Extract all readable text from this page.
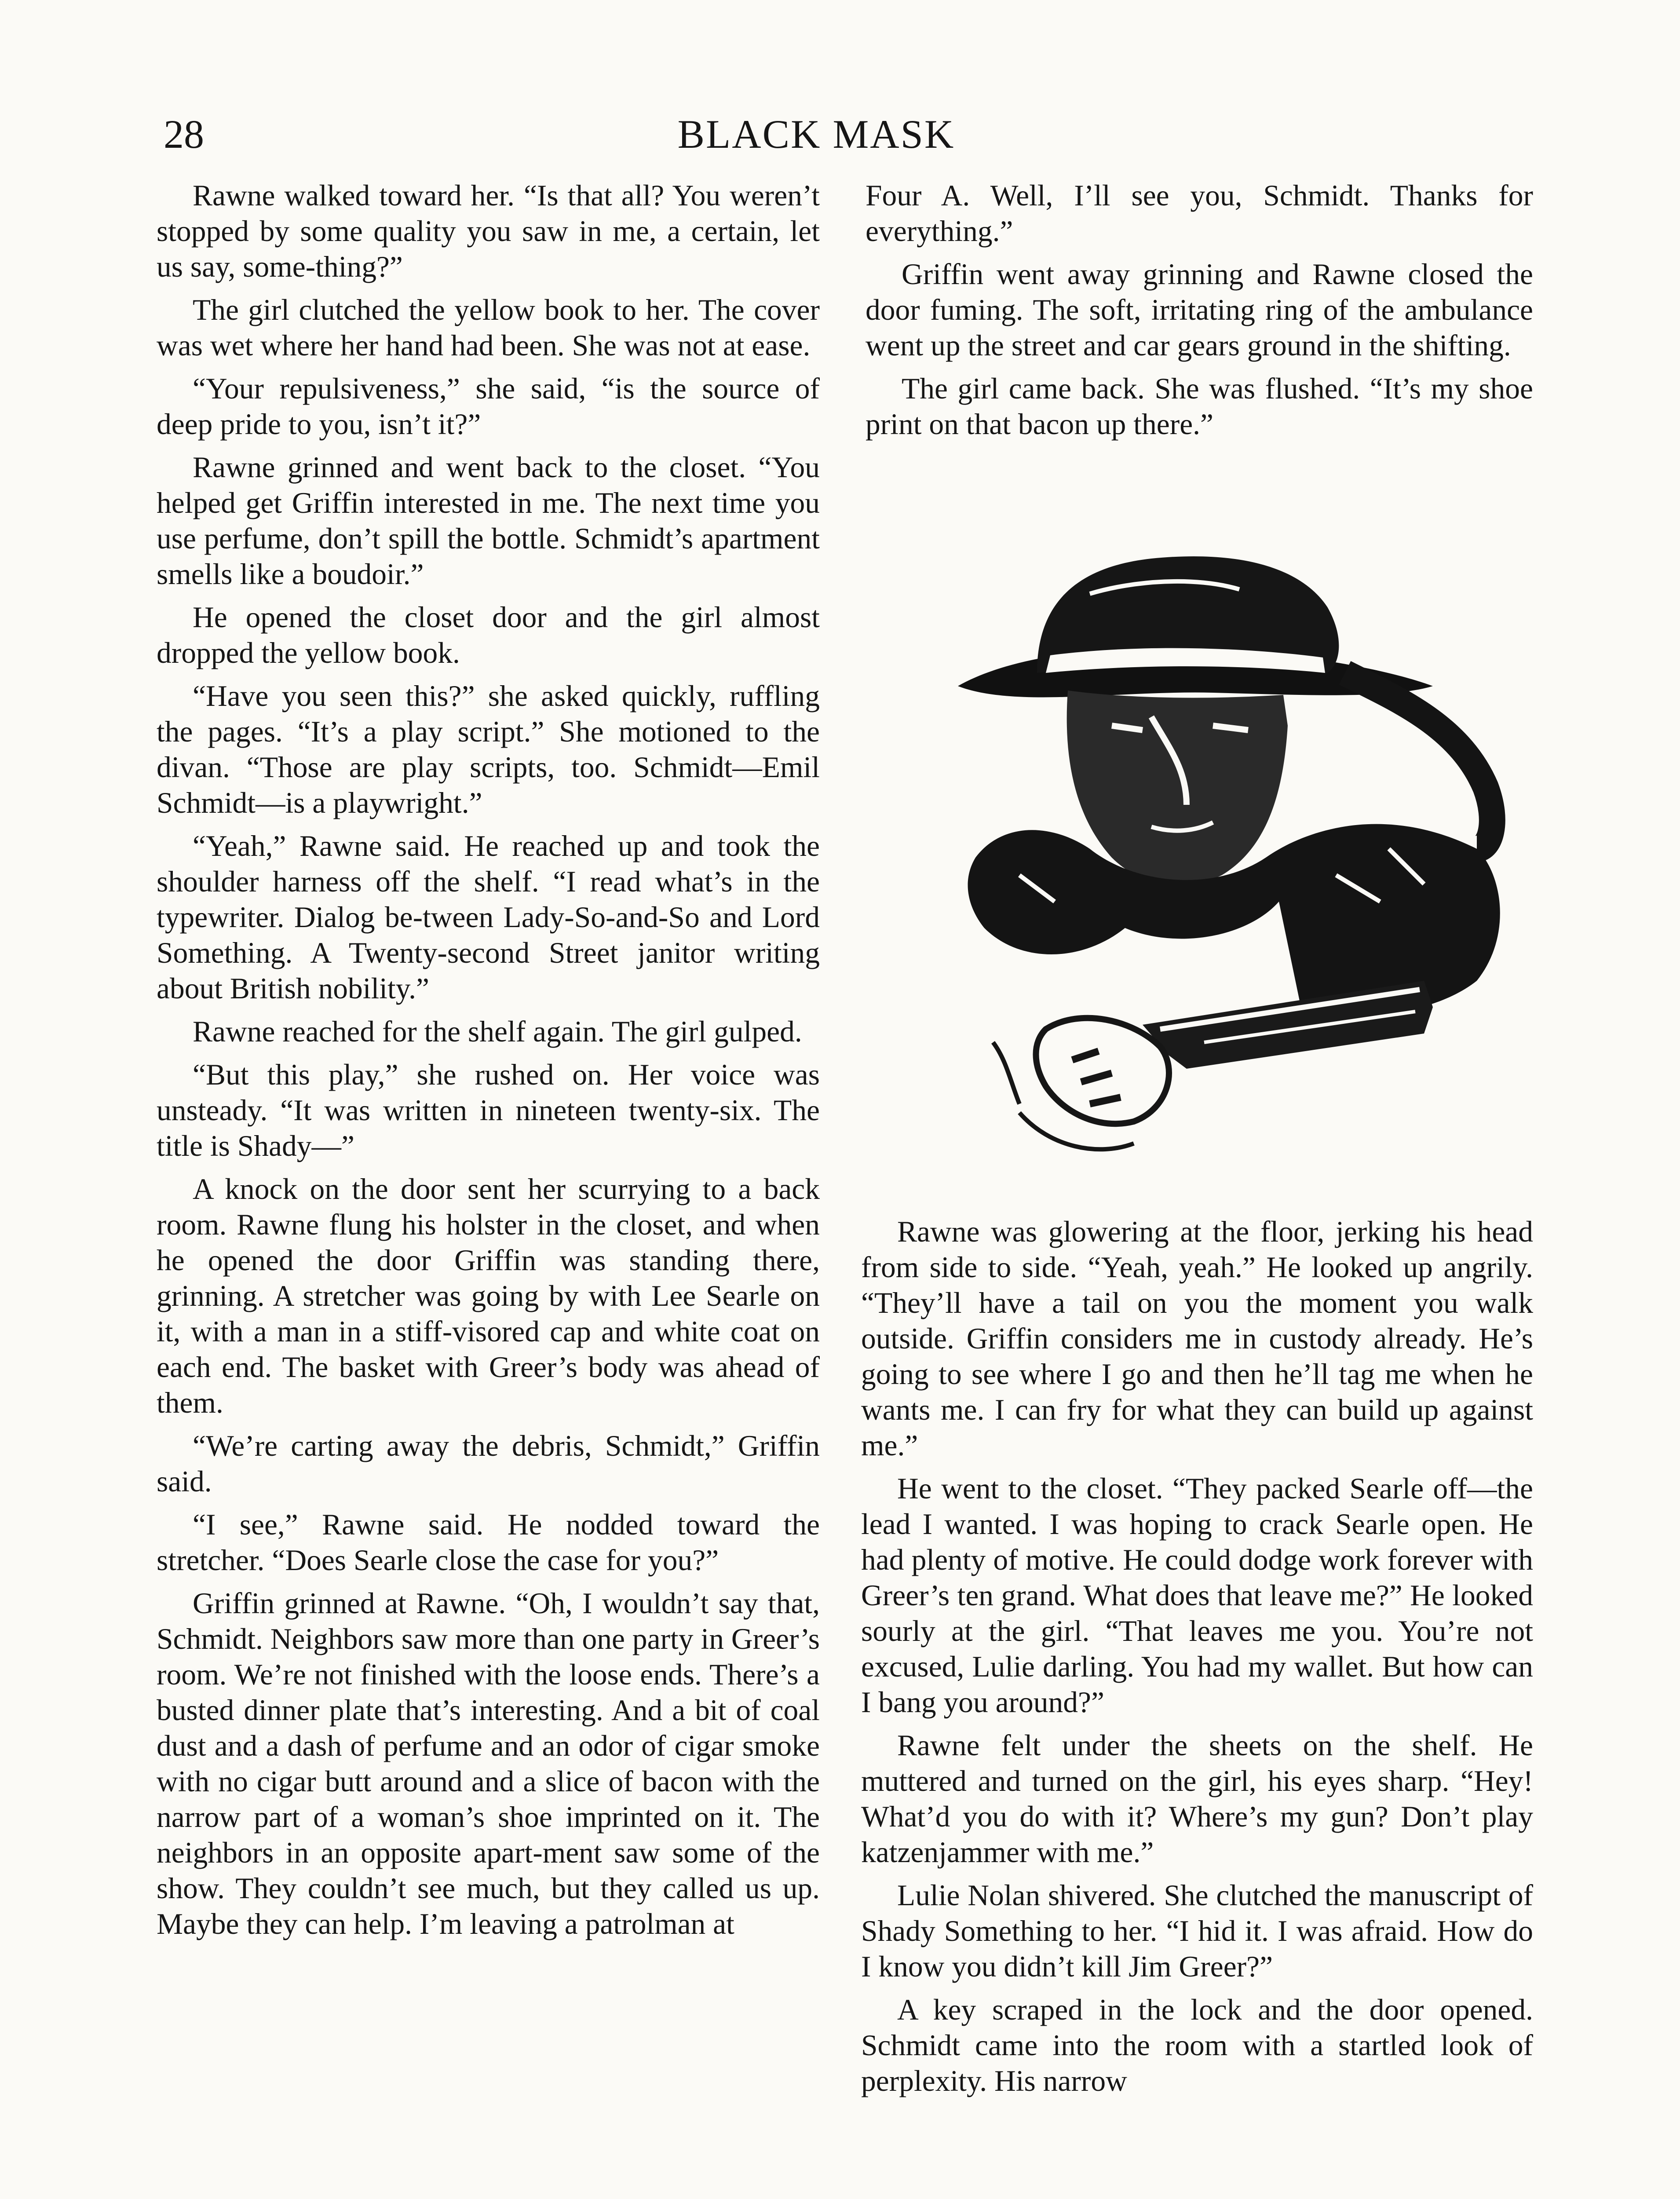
28	BLACK MASK

Rawne walked toward her. “Is that all? You weren’t stopped by some quality you saw in me, a certain, let us say, some-thing?”

The girl clutched the yellow book to her. The cover was wet where her hand had been. She was not at ease.

“Your repulsiveness,” she said, “is the source of deep pride to you, isn’t it?”

Rawne grinned and went back to the closet. “You helped get Griffin interested in me. The next time you use perfume, don’t spill the bottle. Schmidt’s apartment smells like a boudoir.”

He opened the closet door and the girl almost dropped the yellow book.

“Have you seen this?” she asked quickly, ruffling the pages. “It’s a play script.” She motioned to the divan. “Those are play scripts, too. Schmidt—Emil Schmidt—is a playwright.”

“Yeah,” Rawne said. He reached up and took the shoulder harness off the shelf. “I read what’s in the typewriter. Dialog be-tween Lady-So-and-So and Lord Something. A Twenty-second Street janitor writing about British nobility.”

Rawne reached for the shelf again. The girl gulped.

“But this play,” she rushed on. Her voice was unsteady. “It was written in nineteen twenty-six. The title is Shady—”

A knock on the door sent her scurrying to a back room. Rawne flung his holster in the closet, and when he opened the door Griffin was standing there, grinning. A stretcher was going by with Lee Searle on it, with a man in a stiff-visored cap and white coat on each end. The basket with Greer’s body was ahead of them.

“We’re carting away the debris, Schmidt,” Griffin said.

“I see,” Rawne said. He nodded toward the stretcher. “Does Searle close the case for you?”

Griffin grinned at Rawne. “Oh, I wouldn’t say that, Schmidt. Neighbors saw more than one party in Greer’s room. We’re not finished with the loose ends. There’s a busted dinner plate that’s interesting. And a bit of coal dust and a dash of perfume and an odor of cigar smoke with no cigar butt around and a slice of bacon with the narrow part of a woman’s shoe imprinted on it. The neighbors in an opposite apart-ment saw some of the show. They couldn’t see much, but they called us up. Maybe they can help. I’m leaving a patrolman at

Four A. Well, I’ll see you, Schmidt. Thanks for everything.”

Griffin went away grinning and Rawne closed the door fuming. The soft, irritating ring of the ambulance went up the street and car gears ground in the shifting.

The girl came back. She was flushed. “It’s my shoe print on that bacon up there.”

Rawne was glowering at the floor, jerking his head from side to side. “Yeah, yeah.” He looked up angrily. “They’ll have a tail on you the moment you walk outside. Griffin considers me in custody already. He’s going to see where I go and then he’ll tag me when he wants me. I can fry for what they can build up against me.”

He went to the closet. “They packed Searle off—the lead I wanted. I was hoping to crack Searle open. He had plenty of motive. He could dodge work forever with Greer’s ten grand. What does that leave me?” He looked sourly at the girl. “That leaves me you. You’re not excused, Lulie darling. You had my wallet. But how can I bang you around?”

Rawne felt under the sheets on the shelf. He muttered and turned on the girl, his eyes sharp. “Hey! What’d you do with it? Where’s my gun? Don’t play katzenjammer with me.”

Lulie Nolan shivered. She clutched the manuscript of Shady Something to her. “I hid it. I was afraid. How do I know you didn’t kill Jim Greer?”

A key scraped in the lock and the door opened. Schmidt came into the room with a startled look of perplexity. His narrow
